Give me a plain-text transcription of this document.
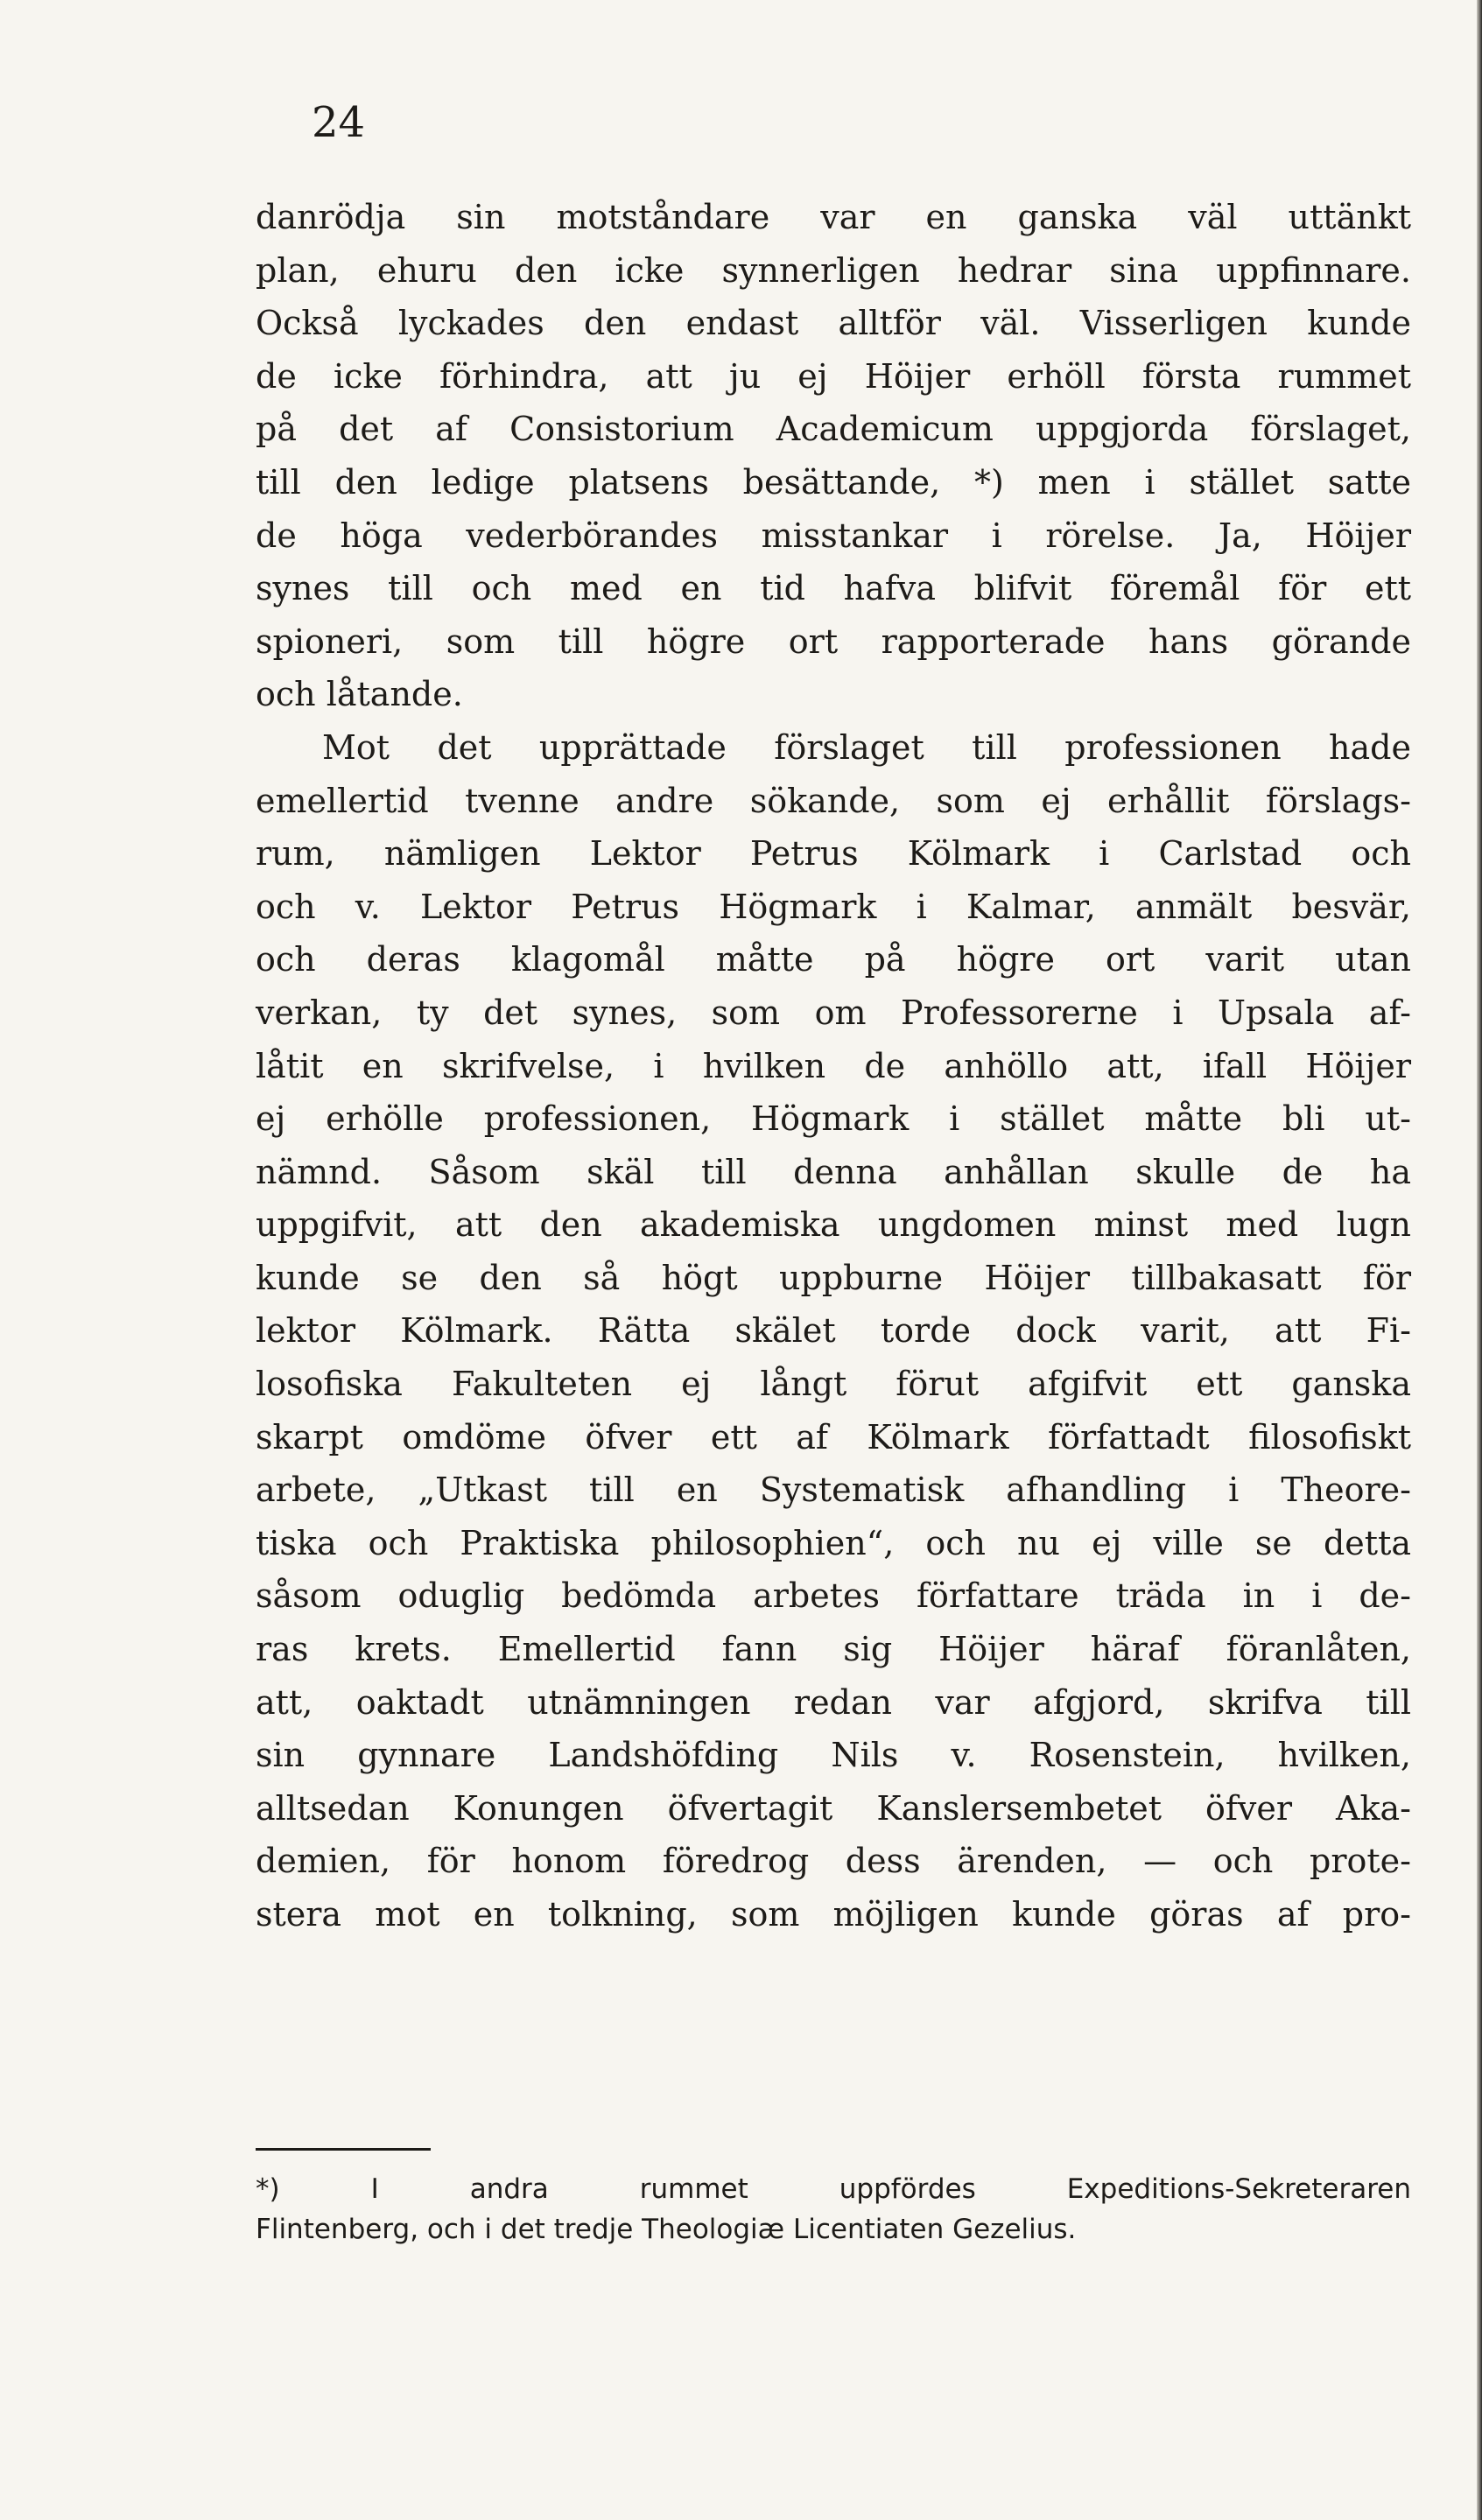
24
danrödja sin motståndare var en ganska väl uttänkt
plan, ehuru den icke synnerligen hedrar sina uppfinnare.
Också lyckades den endast alltför väl. Visserligen kunde
de icke förhindra, att ju ej Höijer erhöll första rummet
på det af Consistorium Academicum uppgjorda förslaget,
till den ledige platsens besättande, *) men i stället satte
de höga vederbörandes misstankar i rörelse. Ja, Höijer
synes till och med en tid hafva blifvit föremål för ett
spioneri, som till högre ort rapporterade hans görande
och låtande.
Mot det upprättade förslaget till professionen hade
emellertid tvenne andre sökande, som ej erhållit förslags-
rum, nämligen Lektor Petrus Kölmark i Carlstad och
och v. Lektor Petrus Högmark i Kalmar, anmält besvär,
och deras klagomål måtte på högre ort varit utan
verkan, ty det synes, som om Professorerne i Upsala af-
låtit en skrifvelse, i hvilken de anhöllo att, ifall Höijer
ej erhölle professionen, Högmark i stället måtte bli ut-
nämnd. Såsom skäl till denna anhållan skulle de ha
uppgifvit, att den akademiska ungdomen minst med lugn
kunde se den så högt uppburne Höijer tillbakasatt för
lektor Kölmark. Rätta skälet torde dock varit, att Fi-
losofiska Fakulteten ej långt förut afgifvit ett ganska
skarpt omdöme öfver ett af Kölmark författadt filosofiskt
arbete, „Utkast till en Systematisk afhandling i Theore-
tiska och Praktiska philosophien“, och nu ej ville se detta
såsom oduglig bedömda arbetes författare träda in i de-
ras krets. Emellertid fann sig Höijer häraf föranlåten,
att, oaktadt utnämningen redan var afgjord, skrifva till
sin gynnare Landshöfding Nils v. Rosenstein, hvilken,
alltsedan Konungen öfvertagit Kanslersembetet öfver Aka-
demien, för honom föredrog dess ärenden, — och prote-
stera mot en tolkning, som möjligen kunde göras af pro-
*) I andra rummet uppfördes Expeditions-Sekreteraren
Flintenberg, och i det tredje Theologiæ Licentiaten Gezelius.
